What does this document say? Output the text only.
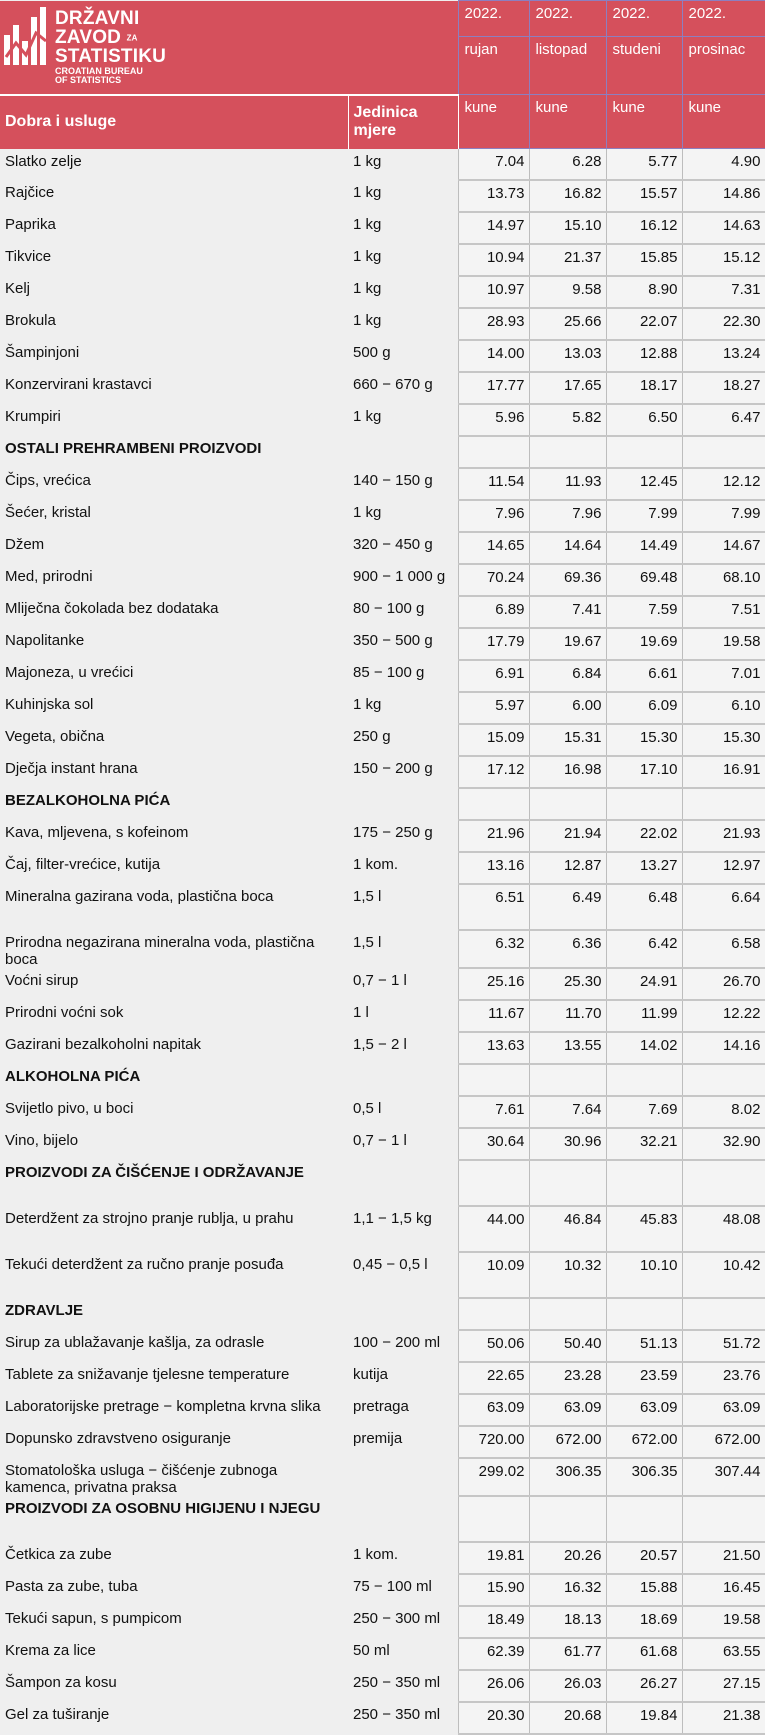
DRŽAVNI
ZAVOD ZA
STATISTIKU
CROATIAN BUREAU
OF STATISTICS		2022.	2022.	2022.	2022.
		rujan	listopad	studeni	prosinac
Dobra i usluge	Jedinica mjere	kune	kune	kune	kune
Slatko zelje	1 kg	7.04	6.28	5.77	4.90
Rajčice	1 kg	13.73	16.82	15.57	14.86
Paprika	1 kg	14.97	15.10	16.12	14.63
Tikvice	1 kg	10.94	21.37	15.85	15.12
Kelj	1 kg	10.97	9.58	8.90	7.31
Brokula	1 kg	28.93	25.66	22.07	22.30
Šampinjoni	500 g	14.00	13.03	12.88	13.24
Konzervirani krastavci	660 − 670 g	17.77	17.65	18.17	18.27
Krumpiri	1 kg	5.96	5.82	6.50	6.47
OSTALI PREHRAMBENI PROIZVODI					
Čips, vrećica	140 − 150 g	11.54	11.93	12.45	12.12
Šećer, kristal	1 kg	7.96	7.96	7.99	7.99
Džem	320 − 450 g	14.65	14.64	14.49	14.67
Med, prirodni	900 − 1 000 g	70.24	69.36	69.48	68.10
Mliječna čokolada bez dodataka	80 − 100 g	6.89	7.41	7.59	7.51
Napolitanke	350 − 500 g	17.79	19.67	19.69	19.58
Majoneza, u vrećici	85 − 100 g	6.91	6.84	6.61	7.01
Kuhinjska sol	1 kg	5.97	6.00	6.09	6.10
Vegeta, obična	250 g	15.09	15.31	15.30	15.30
Dječja instant hrana	150 − 200 g	17.12	16.98	17.10	16.91
BEZALKOHOLNA PIĆA					
Kava, mljevena, s kofeinom	175 − 250 g	21.96	21.94	22.02	21.93
Čaj, filter-vrećice, kutija	1 kom.	13.16	12.87	13.27	12.97
Mineralna gazirana voda, plastična boca	1,5 l	6.51	6.49	6.48	6.64
Prirodna negazirana mineralna voda, plastična boca	1,5 l	6.32	6.36	6.42	6.58
Voćni sirup	0,7 − 1 l	25.16	25.30	24.91	26.70
Prirodni voćni sok	1 l	11.67	11.70	11.99	12.22
Gazirani bezalkoholni napitak	1,5 − 2 l	13.63	13.55	14.02	14.16
ALKOHOLNA PIĆA					
Svijetlo pivo, u boci	0,5 l	7.61	7.64	7.69	8.02
Vino, bijelo	0,7 − 1 l	30.64	30.96	32.21	32.90
PROIZVODI ZA ČIŠĆENJE I ODRŽAVANJE					
Deterdžent za strojno pranje rublja, u prahu	1,1 − 1,5 kg	44.00	46.84	45.83	48.08
Tekući deterdžent za ručno pranje posuđa	0,45 − 0,5 l	10.09	10.32	10.10	10.42
ZDRAVLJE					
Sirup za ublažavanje kašlja, za odrasle	100 − 200 ml	50.06	50.40	51.13	51.72
Tablete za snižavanje tjelesne temperature	kutija	22.65	23.28	23.59	23.76
Laboratorijske pretrage − kompletna krvna slika	pretraga	63.09	63.09	63.09	63.09
Dopunsko zdravstveno osiguranje	premija	720.00	672.00	672.00	672.00
Stomatološka usluga − čišćenje zubnoga kamenca, privatna praksa		299.02	306.35	306.35	307.44
PROIZVODI ZA OSOBNU HIGIJENU I NJEGU					
Četkica za zube	1 kom.	19.81	20.26	20.57	21.50
Pasta za zube, tuba	75 − 100 ml	15.90	16.32	15.88	16.45
Tekući sapun, s pumpicom	250 − 300 ml	18.49	18.13	18.69	19.58
Krema za lice	50 ml	62.39	61.77	61.68	63.55
Šampon za kosu	250 − 350 ml	26.06	26.03	26.27	27.15
Gel za tuširanje	250 − 350 ml	20.30	20.68	19.84	21.38
